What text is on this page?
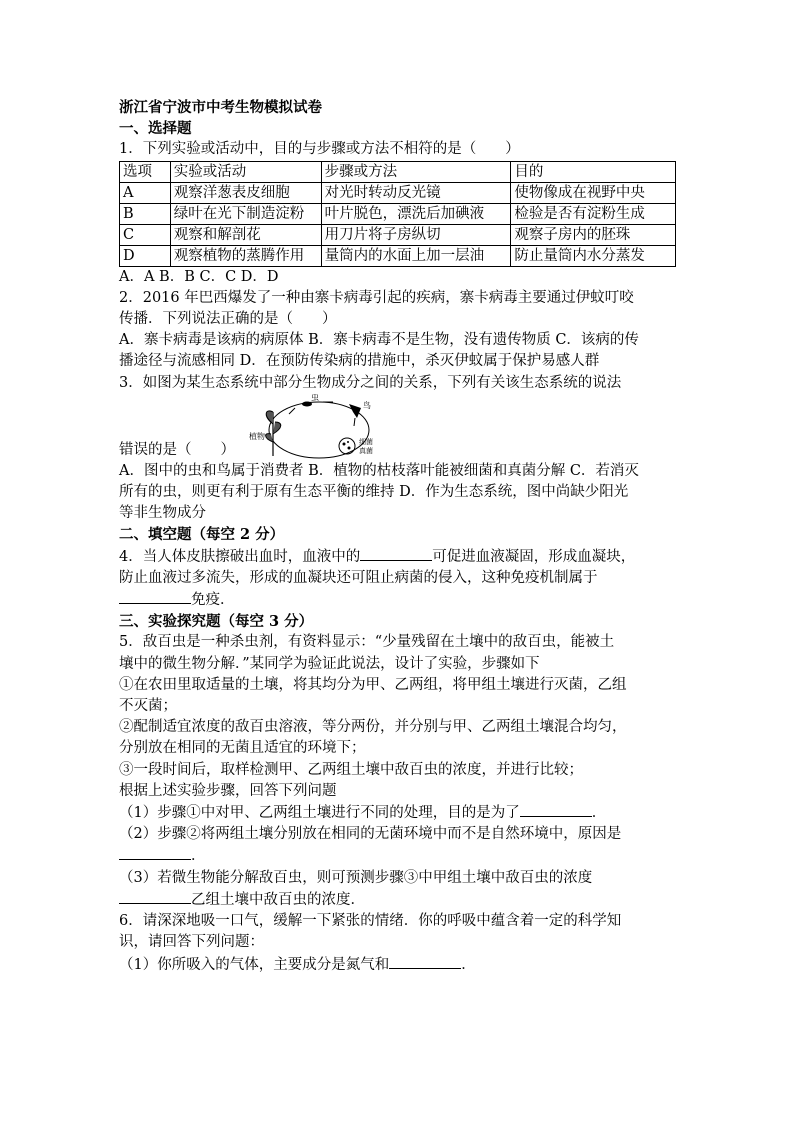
浙江省宁波市中考生物模拟试卷
一、选择题
1．下列实验或活动中，目的与步骤或方法不相符的是（　　）
选项	实验或活动	步骤或方法	目的
A	观察洋葱表皮细胞	对光时转动反光镜	使物像成在视野中央
B	绿叶在光下制造淀粉	叶片脱色，漂洗后加碘液	检验是否有淀粉生成
C	观察和解剖花	用刀片将子房纵切	观察子房内的胚珠
D	观察植物的蒸腾作用	量筒内的水面上加一层油	防止量筒内水分蒸发
A．A B．B C．C D．D
2．2016 年巴西爆发了一种由寨卡病毒引起的疾病，寨卡病毒主要通过伊蚊叮咬
传播．下列说法正确的是（　　）
A．寨卡病毒是该病的病原体 B．寨卡病毒不是生物，没有遗传物质 C．该病的传
播途径与流感相同 D．在预防传染病的措施中，杀灭伊蚊属于保护易感人群
3．如图为某生态系统中部分生物成分之间的关系，下列有关该生态系统的说法
植物
虫
鸟
细菌
真菌
错误的是（　　）
A．图中的虫和鸟属于消费者 B．植物的枯枝落叶能被细菌和真菌分解 C．若消灭
所有的虫，则更有利于原有生态平衡的维持 D．作为生态系统，图中尚缺少阳光
等非生物成分
二、填空题（每空 2 分）
4．当人体皮肤擦破出血时，血液中的	可促进血液凝固，形成血凝块，
防止血液过多流失，形成的血凝块还可阻止病菌的侵入，这种免疫机制属于
免疫．
三、实验探究题（每空 3 分）
5．敌百虫是一种杀虫剂，有资料显示：“少量残留在土壤中的敌百虫，能被土
壤中的微生物分解．”某同学为验证此说法，设计了实验，步骤如下
①在农田里取适量的土壤，将其均分为甲、乙两组，将甲组土壤进行灭菌，乙组
不灭菌；
②配制适宜浓度的敌百虫溶液，等分两份，并分别与甲、乙两组土壤混合均匀，
分别放在相同的无菌且适宜的环境下；
③一段时间后，取样检测甲、乙两组土壤中敌百虫的浓度，并进行比较；
根据上述实验步骤，回答下列问题
（1）步骤①中对甲、乙两组土壤进行不同的处理，目的是为了	．
（2）步骤②将两组土壤分别放在相同的无菌环境中而不是自然环境中，原因是
．
（3）若微生物能分解敌百虫，则可预测步骤③中甲组土壤中敌百虫的浓度
乙组土壤中敌百虫的浓度．
6．请深深地吸一口气，缓解一下紧张的情绪．你的呼吸中蕴含着一定的科学知
识，请回答下列问题：
（1）你所吸入的气体，主要成分是氮气和	．
